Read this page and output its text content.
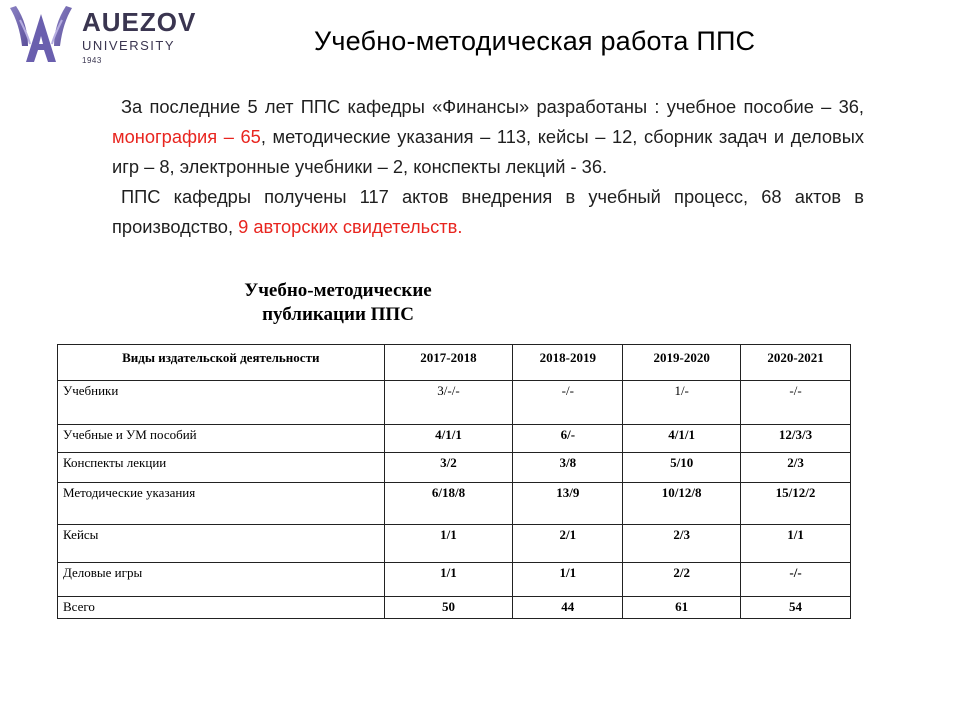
AUEZOV
UNIVERSITY
1943
Учебно-методическая работа ППС

За последние 5 лет ППС кафедры «Финансы» разработаны : учебное пособие – 36, монография – 65, методические указания – 113, кейсы – 12, сборник задач и деловых игр – 8, электронные учебники – 2, конспекты лекций - 36.

ППС кафедры получены 117 актов внедрения в учебный процесс, 68 актов в производство, 9 авторских свидетельств.

Учебно-методические
публикации ППС
Виды издательской деятельности	2017-2018	2018-2019	2019-2020	2020-2021
Учебники	3/-/-	-/-	1/-	-/-
Учебные и УМ пособий	4/1/1	6/-	4/1/1	12/3/3
Конспекты лекции	3/2	3/8	5/10	2/3
Методические указания	6/18/8	13/9	10/12/8	15/12/2
Кейсы	1/1	2/1	2/3	1/1
Деловые игры	1/1	1/1	2/2	-/-
Всего	50	44	61	54
